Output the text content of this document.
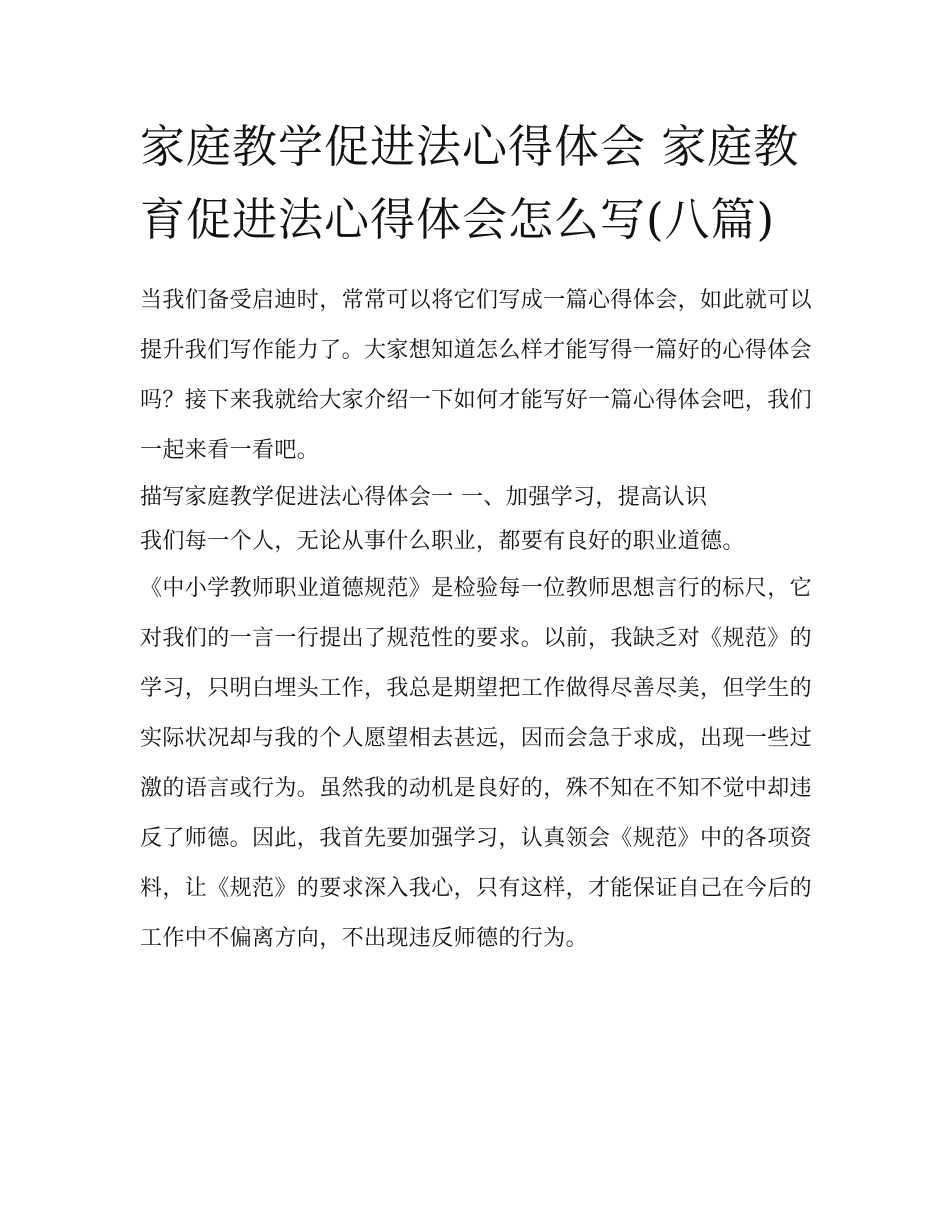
家庭教学促进法心得体会 家庭教育促进法心得体会怎么写(八篇)

当我们备受启迪时，常常可以将它们写成一篇心得体会，如此就可以提升我们写作能力了。大家想知道怎么样才能写得一篇好的心得体会吗？接下来我就给大家介绍一下如何才能写好一篇心得体会吧，我们一起来看一看吧。

描写家庭教学促进法心得体会一 一、加强学习，提高认识

我们每一个人，无论从事什么职业，都要有良好的职业道德。

《中小学教师职业道德规范》是检验每一位教师思想言行的标尺，它对我们的一言一行提出了规范性的要求。以前，我缺乏对《规范》的学习，只明白埋头工作，我总是期望把工作做得尽善尽美，但学生的实际状况却与我的个人愿望相去甚远，因而会急于求成，出现一些过激的语言或行为。虽然我的动机是良好的，殊不知在不知不觉中却违反了师德。因此，我首先要加强学习，认真领会《规范》中的各项资料，让《规范》的要求深入我心，只有这样，才能保证自己在今后的工作中不偏离方向，不出现违反师德的行为。
